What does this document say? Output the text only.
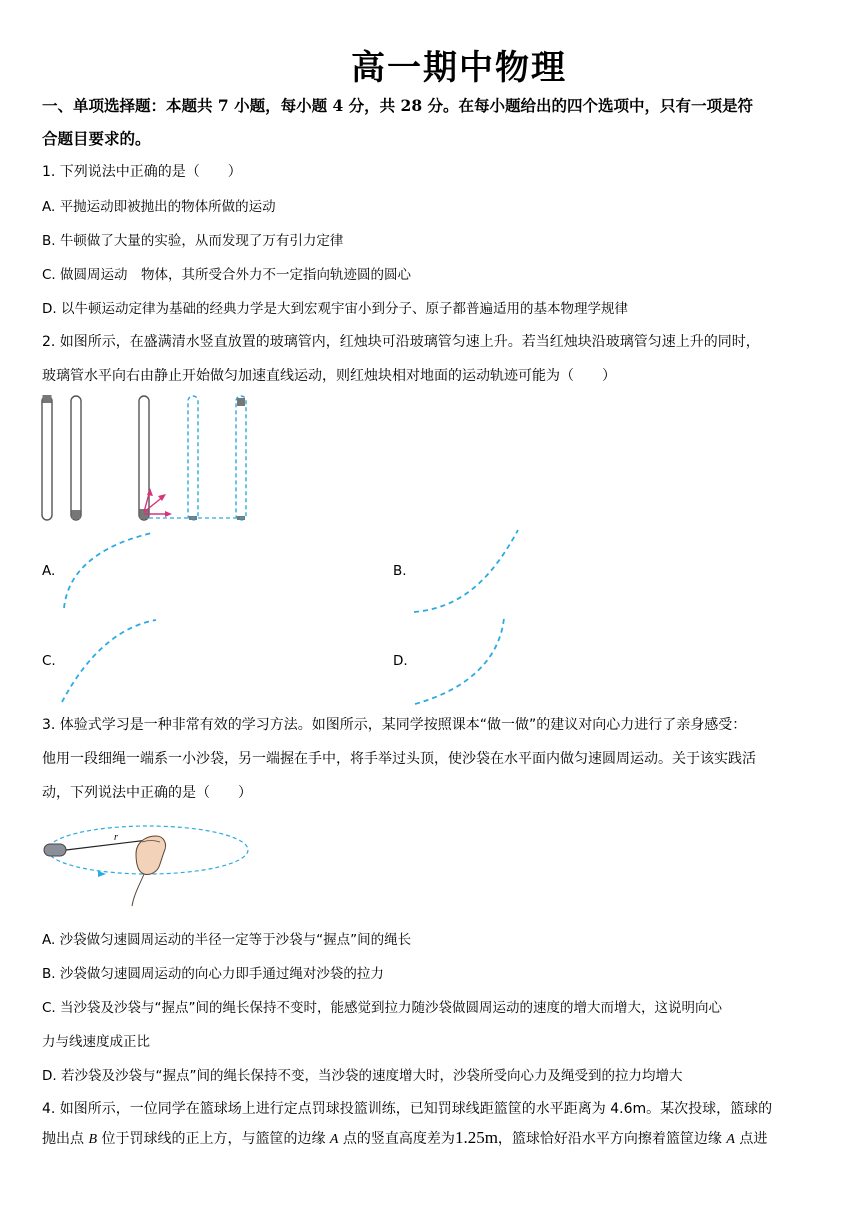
高一期中物理
一、单项选择题：本题共 7 小题，每小题 4 分，共 28 分。在每小题给出的四个选项中，只有一项是符
合题目要求的。
1. 下列说法中正确的是（　　）
A. 平抛运动即被抛出的物体所做的运动
B. 牛顿做了大量的实验，从而发现了万有引力定律
C. 做圆周运动　物体，其所受合外力不一定指向轨迹圆的圆心
D. 以牛顿运动定律为基础的经典力学是大到宏观宇宙小到分子、原子都普遍适用的基本物理学规律
2. 如图所示，在盛满清水竖直放置的玻璃管内，红烛块可沿玻璃管匀速上升。若当红烛块沿玻璃管匀速上升的同时，
玻璃管水平向右由静止开始做匀加速直线运动，则红烛块相对地面的运动轨迹可能为（　　）
A.	B.
C.	D.
3. 体验式学习是一种非常有效的学习方法。如图所示，某同学按照课本“做一做”的建议对向心力进行了亲身感受：
他用一段细绳一端系一小沙袋，另一端握在手中，将手举过头顶，使沙袋在水平面内做匀速圆周运动。关于该实践活
动，下列说法中正确的是（　　）
r
A. 沙袋做匀速圆周运动的半径一定等于沙袋与“握点”间的绳长
B. 沙袋做匀速圆周运动的向心力即手通过绳对沙袋的拉力
C. 当沙袋及沙袋与“握点”间的绳长保持不变时，能感觉到拉力随沙袋做圆周运动的速度的增大而增大，这说明向心
力与线速度成正比
D. 若沙袋及沙袋与“握点”间的绳长保持不变，当沙袋的速度增大时，沙袋所受向心力及绳受到的拉力均增大
4. 如图所示，一位同学在篮球场上进行定点罚球投篮训练，已知罚球线距篮筐的水平距离为 4.6m。某次投球，篮球的
抛出点 B 位于罚球线的正上方，与篮筐的边缘 A 点的竖直高度差为1.25m，篮球恰好沿水平方向擦着篮筐边缘 A 点进
